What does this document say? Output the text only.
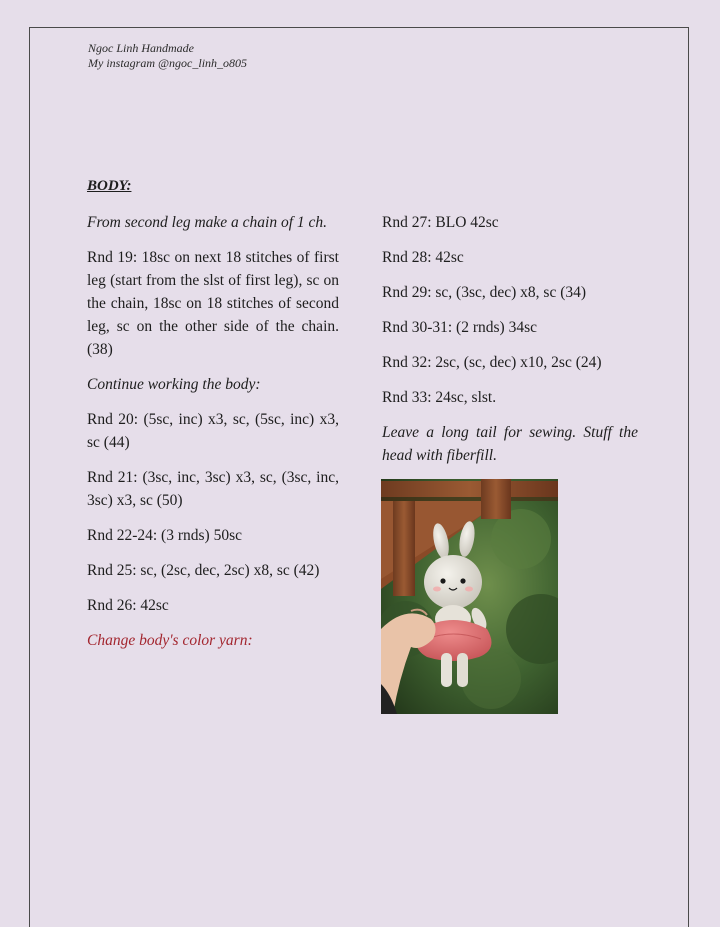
Ngoc Linh Handmade
My instagram @ngoc_linh_o805
BODY:

From second leg make a chain of 1 ch.

Rnd 19: 18sc on next 18 stitches of first leg (start from the slst of first leg), sc on the chain, 18sc on 18 stitches of second leg, sc on the other side of the chain. (38)

Continue working the body:

Rnd 20: (5sc, inc) x3, sc, (5sc, inc) x3, sc (44)

Rnd 21: (3sc, inc, 3sc) x3, sc, (3sc, inc, 3sc) x3, sc (50)

Rnd 22-24: (3 rnds) 50sc

Rnd 25: sc, (2sc, dec, 2sc) x8, sc (42)

Rnd 26: 42sc

Change body's color yarn:

Rnd 27: BLO 42sc

Rnd 28: 42sc

Rnd 29: sc, (3sc, dec) x8, sc (34)

Rnd 30-31: (2 rnds) 34sc

Rnd 32: 2sc, (sc, dec) x10, 2sc (24)

Rnd 33: 24sc, slst.

Leave a long tail for sewing. Stuff the head with fiberfill.
